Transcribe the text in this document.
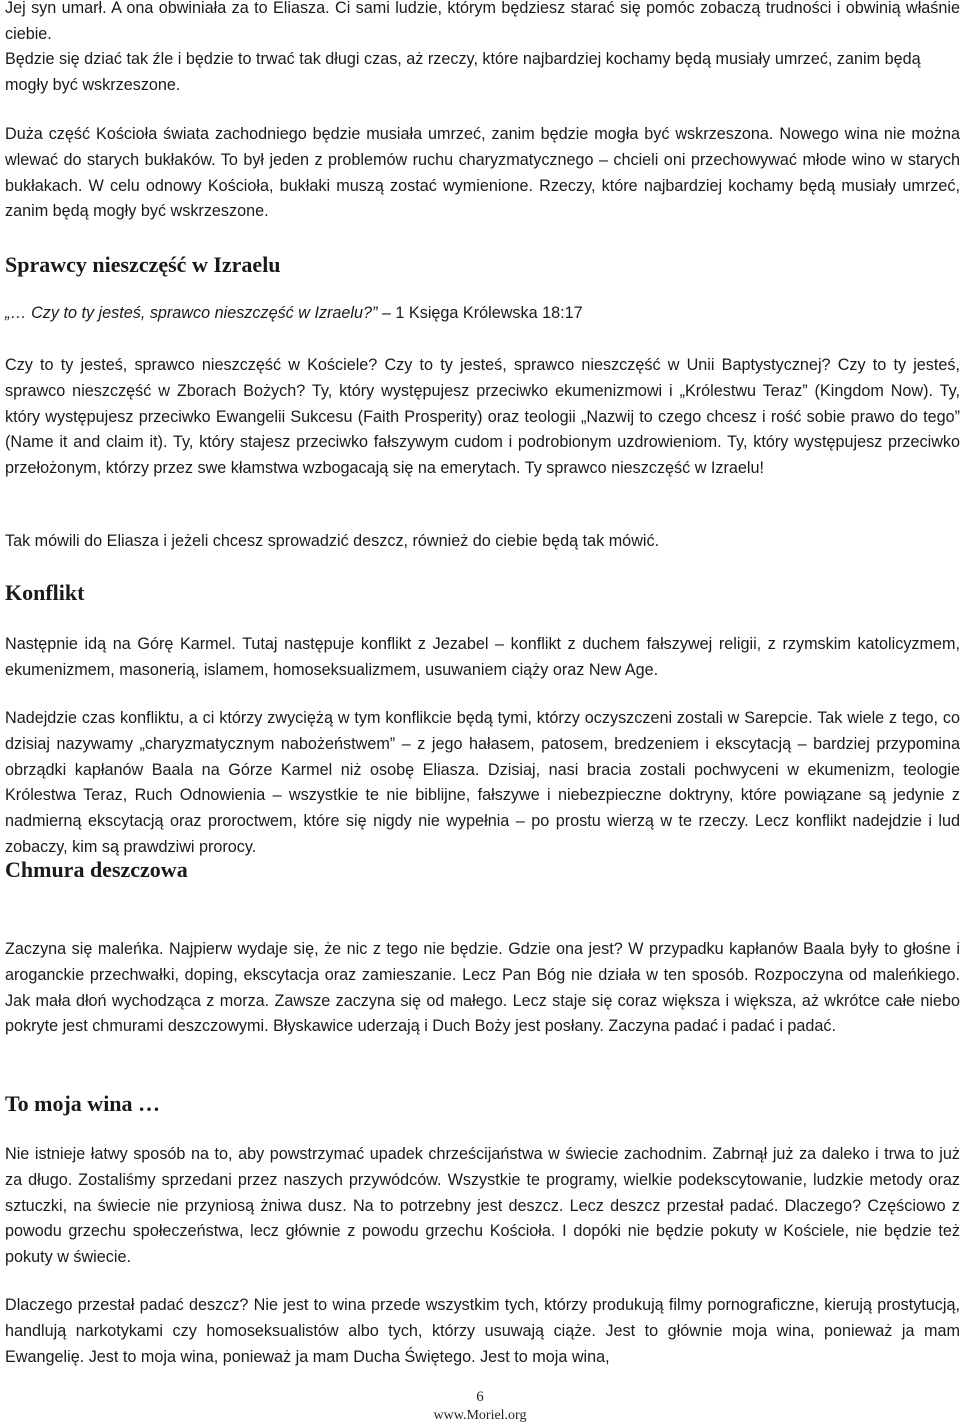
Jej syn umarł. A ona obwiniała za to Eliasza. Ci sami ludzie, którym będziesz starać się pomóc zobaczą trudności i obwinią właśnie ciebie.

Będzie się dziać tak źle i będzie to trwać tak długi czas, aż rzeczy, które najbardziej kochamy będą musiały umrzeć, zanim będą mogły być wskrzeszone.

Duża część Kościoła świata zachodniego będzie musiała umrzeć, zanim będzie mogła być wskrzeszona. Nowego wina nie można wlewać do starych bukłaków. To był jeden z problemów ruchu charyzmatycznego – chcieli oni przechowywać młode wino w starych bukłakach. W celu odnowy Kościoła, bukłaki muszą zostać wymienione. Rzeczy, które najbardziej kochamy będą musiały umrzeć, zanim będą mogły być wskrzeszone.

Sprawcy nieszczęść w Izraelu

„… Czy to ty jesteś, sprawco nieszczęść w Izraelu?” – 1 Księga Królewska 18:17

Czy to ty jesteś, sprawco nieszczęść w Kościele? Czy to ty jesteś, sprawco nieszczęść w Unii Baptystycznej? Czy to ty jesteś, sprawco nieszczęść w Zborach Bożych? Ty, który występujesz przeciwko ekumenizmowi i „Królestwu Teraz” (Kingdom Now). Ty, który występujesz przeciwko Ewangelii Sukcesu (Faith Prosperity) oraz teologii „Nazwij to czego chcesz i rość sobie prawo do tego” (Name it and claim it). Ty, który stajesz przeciwko fałszywym cudom i podrobionym uzdrowieniom. Ty, który występujesz przeciwko przełożonym, którzy przez swe kłamstwa wzbogacają się na emerytach. Ty sprawco nieszczęść w Izraelu!

Tak mówili do Eliasza i jeżeli chcesz sprowadzić deszcz, również do ciebie będą tak mówić.

Konflikt

Następnie idą na Górę Karmel. Tutaj następuje konflikt z Jezabel – konflikt z duchem fałszywej religii, z rzymskim katolicyzmem, ekumenizmem, masonerią, islamem, homoseksualizmem, usuwaniem ciąży oraz New Age.

Nadejdzie czas konfliktu, a ci którzy zwyciężą w tym konflikcie będą tymi, którzy oczyszczeni zostali w Sarepcie. Tak wiele z tego, co dzisiaj nazywamy „charyzmatycznym nabożeństwem” – z jego hałasem, patosem, bredzeniem i ekscytacją – bardziej przypomina obrządki kapłanów Baala na Górze Karmel niż osobę Eliasza. Dzisiaj, nasi bracia zostali pochwyceni w ekumenizm, teologie Królestwa Teraz, Ruch Odnowienia – wszystkie te nie biblijne, fałszywe i niebezpieczne doktryny, które powiązane są jedynie z nadmierną ekscytacją oraz proroctwem, które się nigdy nie wypełnia – po prostu wierzą w te rzeczy. Lecz konflikt nadejdzie i lud zobaczy, kim są prawdziwi prorocy.

Chmura deszczowa

Zaczyna się maleńka. Najpierw wydaje się, że nic z tego nie będzie. Gdzie ona jest? W przypadku kapłanów Baala były to głośne i aroganckie przechwałki, doping, ekscytacja oraz zamieszanie. Lecz Pan Bóg nie działa w ten sposób. Rozpoczyna od maleńkiego. Jak mała dłoń wychodząca z morza. Zawsze zaczyna się od małego. Lecz staje się coraz większa i większa, aż wkrótce całe niebo pokryte jest chmurami deszczowymi. Błyskawice uderzają i Duch Boży jest posłany. Zaczyna padać i padać i padać.

To moja wina …

Nie istnieje łatwy sposób na to, aby powstrzymać upadek chrześcijaństwa w świecie zachodnim. Zabrnął już za daleko i trwa to już za długo. Zostaliśmy sprzedani przez naszych przywódców. Wszystkie te programy, wielkie podekscytowanie, ludzkie metody oraz sztuczki, na świecie nie przyniosą żniwa dusz. Na to potrzebny jest deszcz. Lecz deszcz przestał padać. Dlaczego? Częściowo z powodu grzechu społeczeństwa, lecz głównie z powodu grzechu Kościoła. I dopóki nie będzie pokuty w Kościele, nie będzie też pokuty w świecie.

Dlaczego przestał padać deszcz? Nie jest to wina przede wszystkim tych, którzy produkują filmy pornograficzne, kierują prostytucją, handlują narkotykami czy homoseksualistów albo tych, którzy usuwają ciąże. Jest to głównie moja wina, ponieważ ja mam Ewangelię. Jest to moja wina, ponieważ ja mam Ducha Świętego. Jest to moja wina,

6
www.Moriel.org
